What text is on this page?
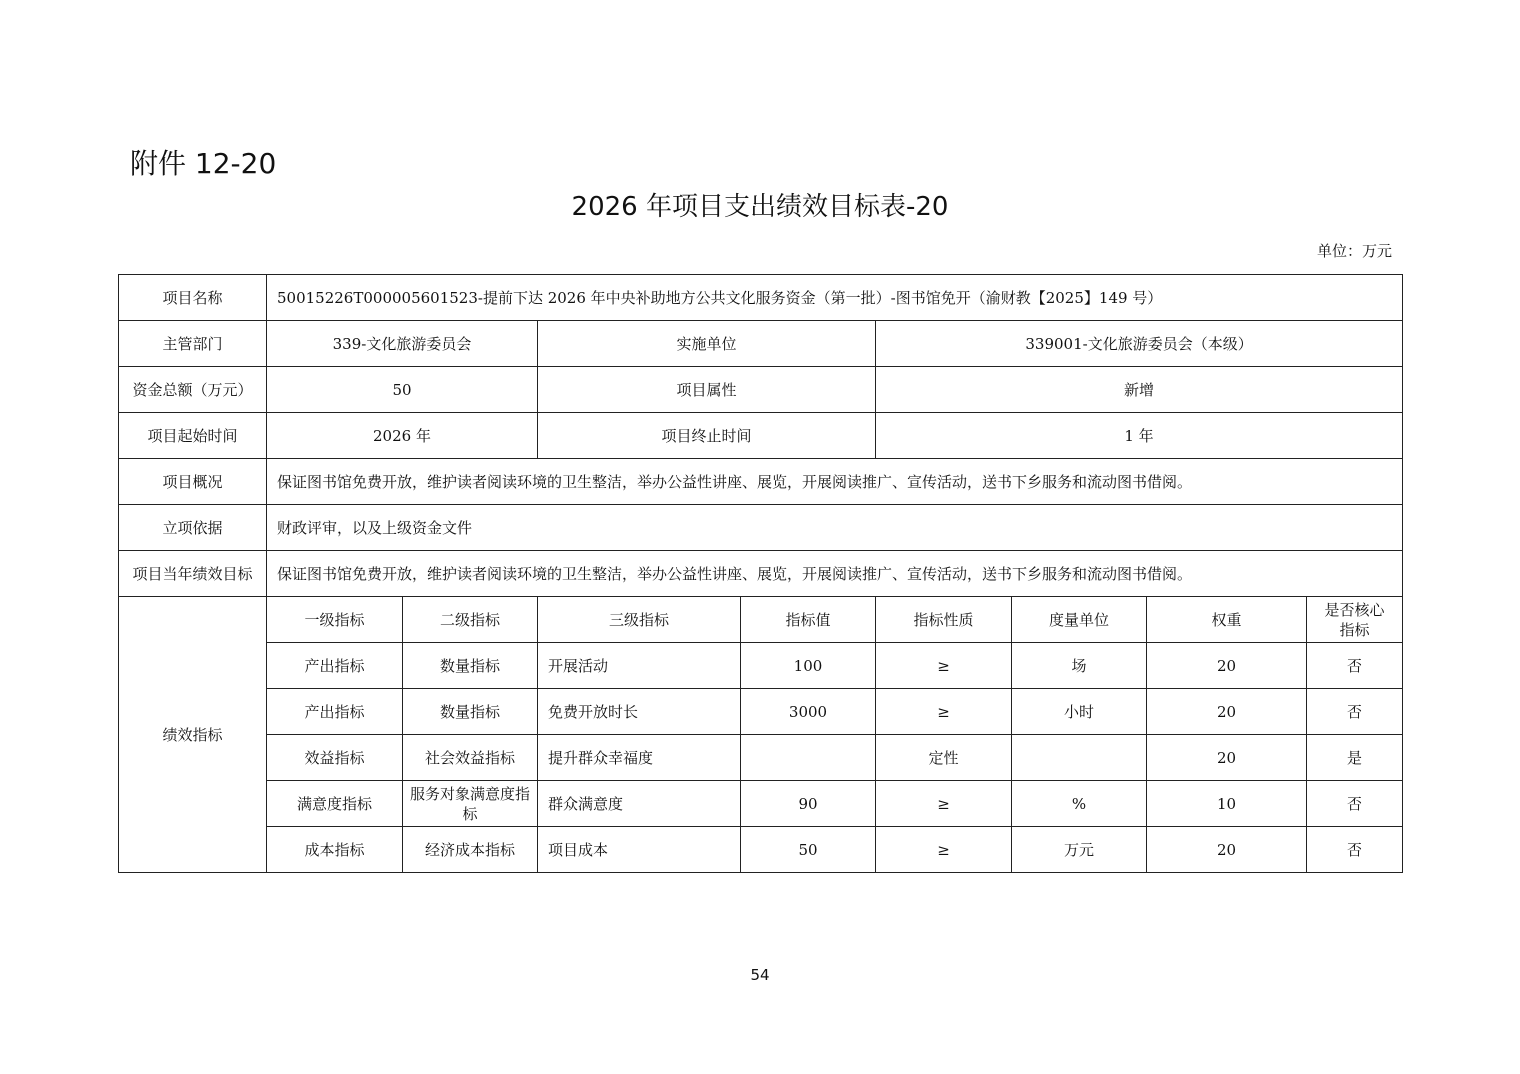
附件 12-20
2026 年项目支出绩效目标表-20
单位：万元
项目名称	50015226T000005601523-提前下达 2026 年中央补助地方公共文化服务资金（第一批）-图书馆免开（渝财教【2025】149 号）							
主管部门	339-文化旅游委员会		实施单位		339001-文化旅游委员会（本级）			
资金总额（万元）	50		项目属性		新增			
项目起始时间	2026 年		项目终止时间		1 年			
项目概况	保证图书馆免费开放，维护读者阅读环境的卫生整洁，举办公益性讲座、展览，开展阅读推广、宣传活动，送书下乡服务和流动图书借阅。							
立项依据	财政评审，以及上级资金文件							
项目当年绩效目标	保证图书馆免费开放，维护读者阅读环境的卫生整洁，举办公益性讲座、展览，开展阅读推广、宣传活动，送书下乡服务和流动图书借阅。							
绩效指标	一级指标	二级指标	三级指标	指标值	指标性质	度量单位	权重	是否核心指标
	产出指标	数量指标	开展活动	100	≥	场	20	否
	产出指标	数量指标	免费开放时长	3000	≥	小时	20	否
	效益指标	社会效益指标	提升群众幸福度		定性		20	是
	满意度指标	服务对象满意度指标	群众满意度	90	≥	%	10	否
	成本指标	经济成本指标	项目成本	50	≥	万元	20	否
54
